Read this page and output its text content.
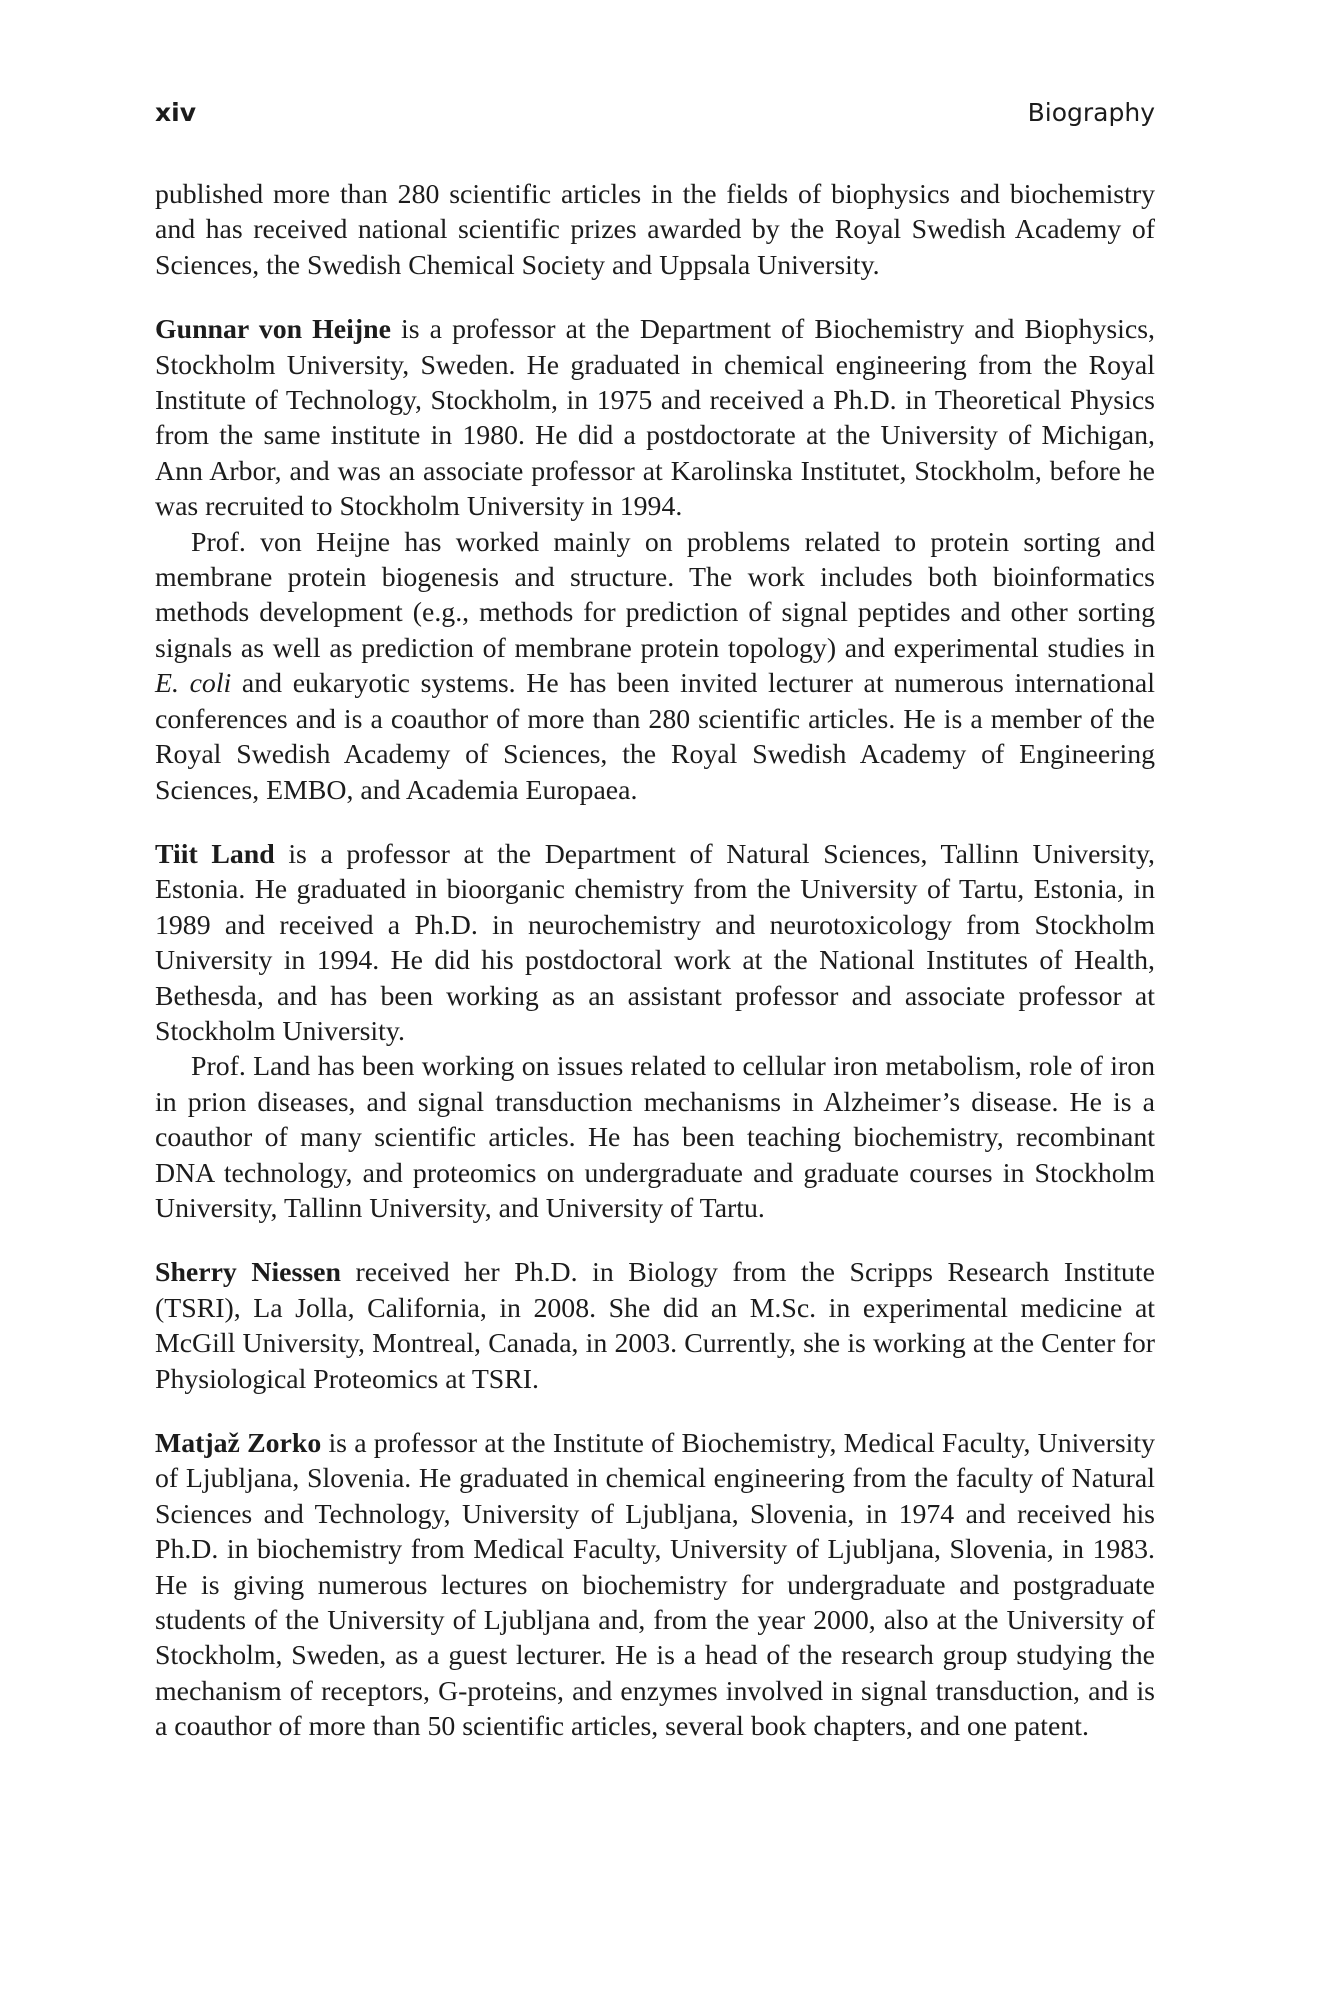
xiv	Biography

published more than 280 scientific articles in the fields of biophysics and biochemistry and has received national scientific prizes awarded by the Royal Swedish Academy of Sciences, the Swedish Chemical Society and Uppsala University.

Gunnar von Heijne is a professor at the Department of Biochemistry and Biophysics, Stockholm University, Sweden. He graduated in chemical engineering from the Royal Institute of Technology, Stockholm, in 1975 and received a Ph.D. in Theoretical Physics from the same institute in 1980. He did a postdoctorate at the University of Michigan, Ann Arbor, and was an associate professor at Karolinska Institutet, Stockholm, before he was recruited to Stockholm University in 1994.

Prof. von Heijne has worked mainly on problems related to protein sorting and membrane protein biogenesis and structure. The work includes both bioinformatics methods development (e.g., methods for prediction of signal peptides and other sorting signals as well as prediction of membrane protein topology) and experimental studies in E. coli and eukaryotic systems. He has been invited lecturer at numerous international conferences and is a coauthor of more than 280 scientific articles. He is a member of the Royal Swedish Academy of Sciences, the Royal Swedish Academy of Engineering Sciences, EMBO, and Academia Europaea.

Tiit Land is a professor at the Department of Natural Sciences, Tallinn University, Estonia. He graduated in bioorganic chemistry from the University of Tartu, Estonia, in 1989 and received a Ph.D. in neurochemistry and neurotoxicology from Stockholm University in 1994. He did his postdoctoral work at the National Institutes of Health, Bethesda, and has been working as an assistant professor and associate professor at Stockholm University.

Prof. Land has been working on issues related to cellular iron metabolism, role of iron in prion diseases, and signal transduction mechanisms in Alzheimer’s disease. He is a coauthor of many scientific articles. He has been teaching biochemistry, recombinant DNA technology, and proteomics on undergraduate and graduate courses in Stockholm University, Tallinn University, and University of Tartu.

Sherry Niessen received her Ph.D. in Biology from the Scripps Research Institute (TSRI), La Jolla, California, in 2008. She did an M.Sc. in experimental medicine at McGill University, Montreal, Canada, in 2003. Currently, she is working at the Center for Physiological Proteomics at TSRI.

Matjaž Zorko is a professor at the Institute of Biochemistry, Medical Faculty, University of Ljubljana, Slovenia. He graduated in chemical engineering from the faculty of Natural Sciences and Technology, University of Ljubljana, Slovenia, in 1974 and received his Ph.D. in biochemistry from Medical Faculty, University of Ljubljana, Slovenia, in 1983. He is giving numerous lectures on biochemistry for undergraduate and postgraduate students of the University of Ljubljana and, from the year 2000, also at the University of Stockholm, Sweden, as a guest lecturer. He is a head of the research group studying the mechanism of receptors, G-proteins, and enzymes involved in signal transduction, and is a coauthor of more than 50 scientific articles, several book chapters, and one patent.
